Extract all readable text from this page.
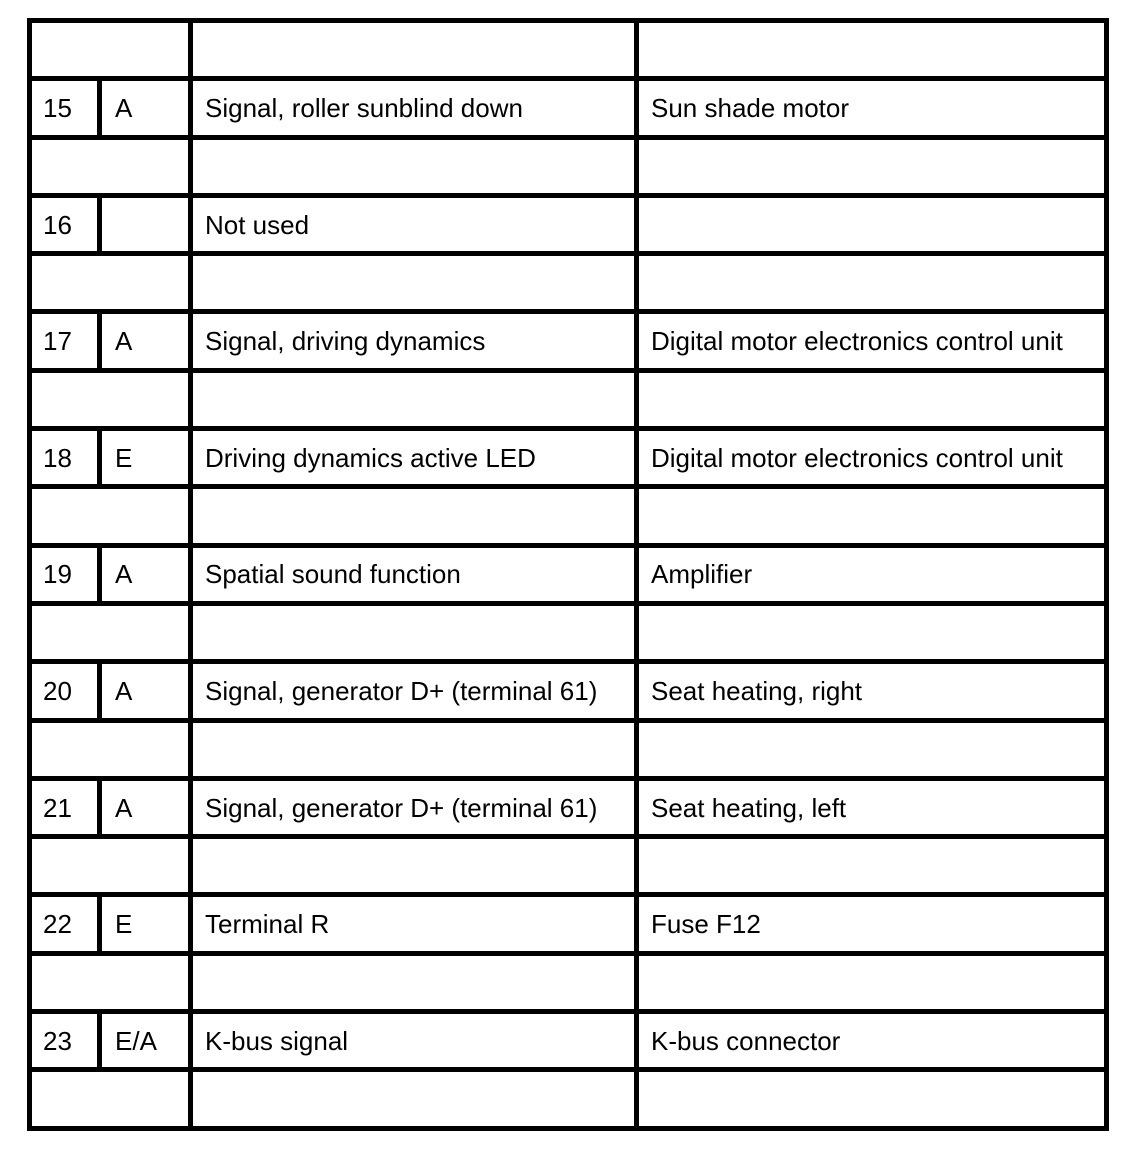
15	A	Signal, roller sunblind down	Sun shade motor

16		Not used	

17	A	Signal, driving dynamics	Digital motor electronics control unit

18	E	Driving dynamics active LED	Digital motor electronics control unit

19	A	Spatial sound function	Amplifier

20	A	Signal, generator D+ (terminal 61)	Seat heating, right

21	A	Signal, generator D+ (terminal 61)	Seat heating, left

22	E	Terminal R	Fuse F12

23	E/A	K-bus signal	K-bus connector
